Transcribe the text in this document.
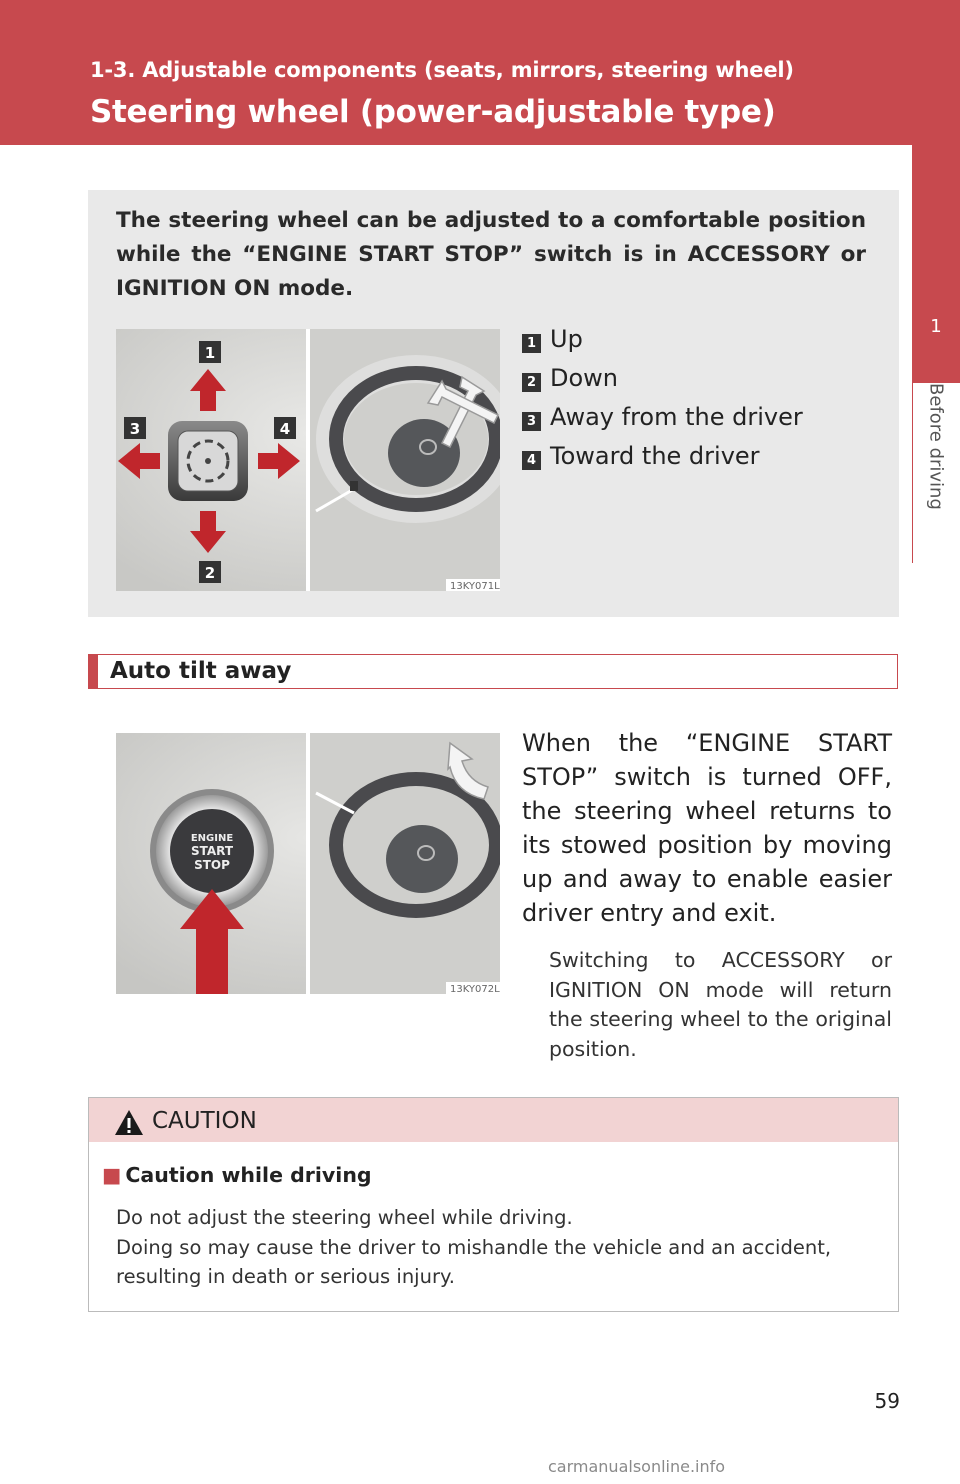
1-3. Adjustable components (seats, mirrors, steering wheel)
Steering wheel (power-adjustable type)
1
Before driving
The steering wheel can be adjusted to a comfortable position while the “ENGINE START STOP” switch is in ACCESSORY or IGNITION ON mode.
1
2
3	4
13KY071L
1 Up
2 Down
3 Away from the driver
4 Toward the driver
Auto tilt away
ENGINE
START
STOP
13KY072L
When the “ENGINE START STOP” switch is turned OFF, the steering wheel returns to its stowed position by moving up and away to enable easier driver entry and exit.
Switching to ACCESSORY or IGNITION ON mode will return the steering wheel to the original position.
CAUTION
■ Caution while driving
Do not adjust the steering wheel while driving.
Doing so may cause the driver to mishandle the vehicle and an accident, resulting in death or serious injury.
59
carmanualsonline.info
